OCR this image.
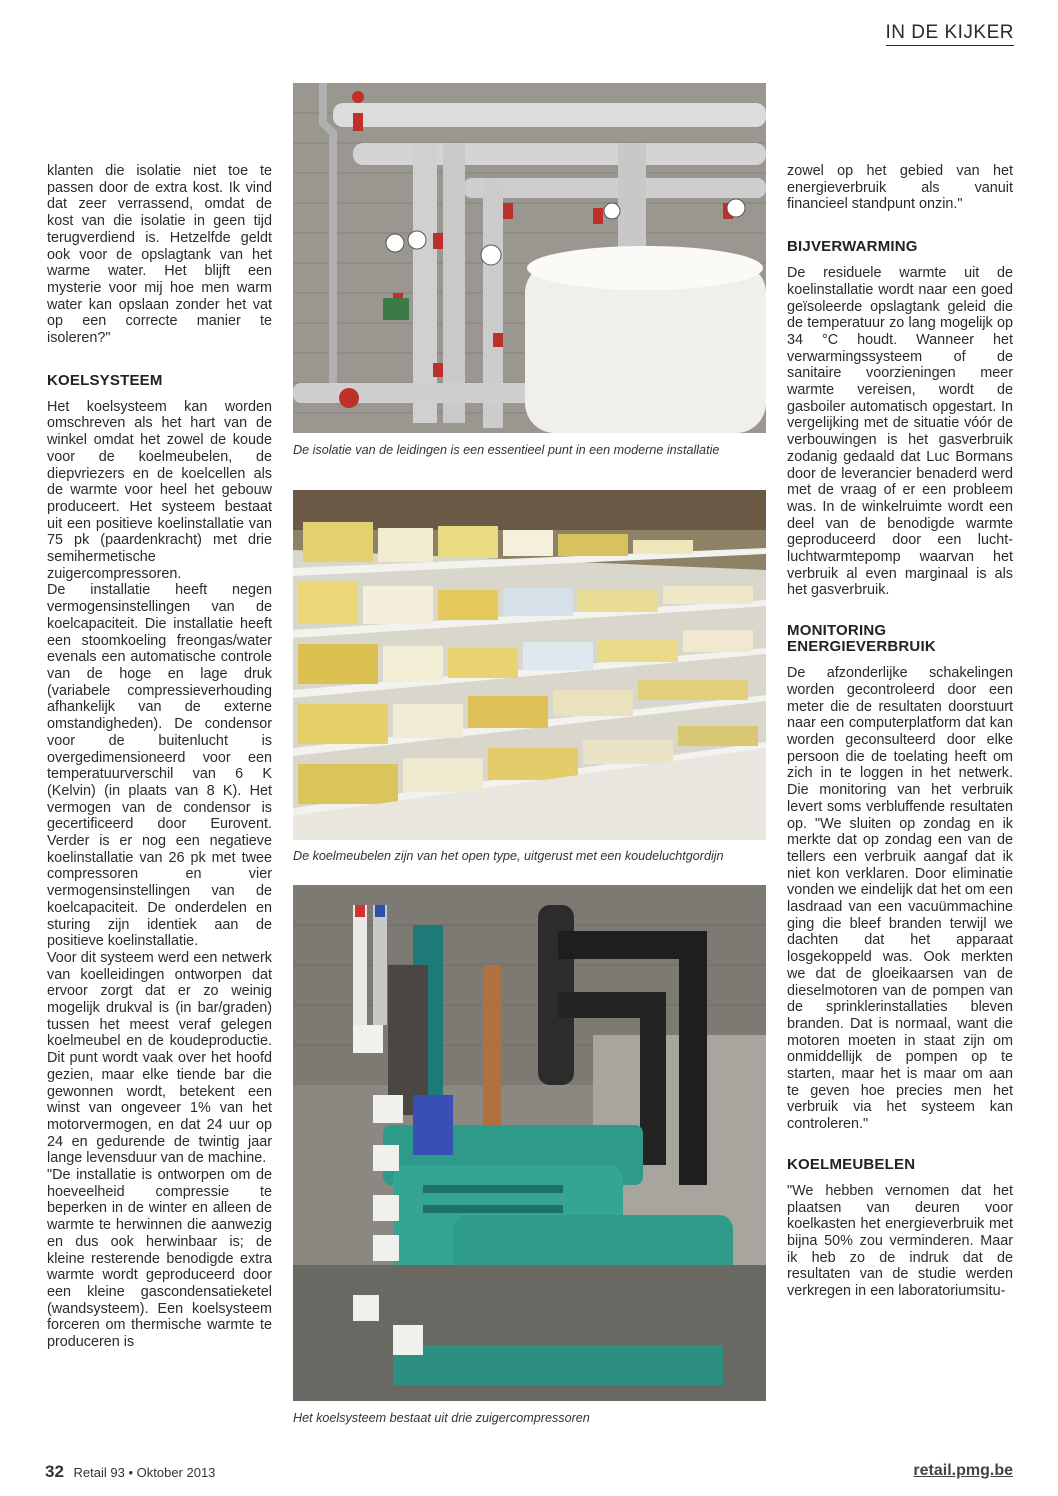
IN DE KIJKER

klanten die isolatie niet toe te passen door de extra kost. Ik vind dat zeer verrassend, omdat de kost van die isolatie in geen tijd terugverdiend is. Hetzelfde geldt ook voor de opslagtank van het warme water. Het blijft een mysterie voor mij hoe men warm water kan opslaan zonder het vat op een correcte manier te isoleren?"

KOELSYSTEEM

Het koelsysteem kan worden omschreven als het hart van de winkel omdat het zowel de koude voor de koelmeubelen, de diepvriezers en de koelcellen als de warmte voor heel het gebouw produceert. Het systeem bestaat uit een positieve koelinstallatie van 75 pk (paardenkracht) met drie semihermetische zuigercompressoren.

De installatie heeft negen vermogensinstellingen van de koelcapaciteit. Die installatie heeft een stoomkoeling freongas/water evenals een automatische controle van de hoge en lage druk (variabele compressieverhouding afhankelijk van de externe omstandigheden). De condensor voor de buitenlucht is overgedimensioneerd voor een temperatuurverschil van 6 K (Kelvin) (in plaats van 8 K). Het vermogen van de condensor is gecertificeerd door Eurovent. Verder is er nog een negatieve koelinstallatie van 26 pk met twee compressoren en vier vermogensinstellingen van de koelcapaciteit. De onderdelen en sturing zijn identiek aan de positieve koelinstallatie.

Voor dit systeem werd een netwerk van koelleidingen ontworpen dat ervoor zorgt dat er zo weinig mogelijk drukval is (in bar/graden) tussen het meest veraf gelegen koelmeubel en de koudeproductie. Dit punt wordt vaak over het hoofd gezien, maar elke tiende bar die gewonnen wordt, betekent een winst van ongeveer 1% van het motorvermogen, en dat 24 uur op 24 en gedurende de twintig jaar lange levensduur van de machine.

"De installatie is ontworpen om de hoeveelheid compressie te beperken in de winter en alleen de warmte te herwinnen die aanwezig en dus ook herwinbaar is; de kleine resterende benodigde extra warmte wordt geproduceerd door een kleine gascondensatieketel (wandsysteem). Een koelsysteem forceren om thermische warmte te produceren is

De isolatie van de leidingen is een essentieel punt in een moderne installatie
De koelmeubelen zijn van het open type, uitgerust met een koudeluchtgordijn
Het koelsysteem bestaat uit drie zuigercompressoren

zowel op het gebied van het energieverbruik als vanuit financieel standpunt onzin."

BIJVERWARMING

De residuele warmte uit de koelinstallatie wordt naar een goed geïsoleerde opslagtank geleid die de temperatuur zo lang mogelijk op 34 °C houdt. Wanneer het verwarmingssysteem of de sanitaire voorzieningen meer warmte vereisen, wordt de gasboiler automatisch opgestart. In vergelijking met de situatie vóór de verbouwingen is het gasverbruik zodanig gedaald dat Luc Bormans door de leverancier benaderd werd met de vraag of er een probleem was. In de winkelruimte wordt een deel van de benodigde warmte geproduceerd door een lucht-luchtwarmtepomp waarvan het verbruik al even marginaal is als het gasverbruik.

MONITORING
ENERGIEVERBRUIK

De afzonderlijke schakelingen worden gecontroleerd door een meter die de resultaten doorstuurt naar een computerplatform dat kan worden geconsulteerd door elke persoon die de toelating heeft om zich in te loggen in het netwerk. Die monitoring van het verbruik levert soms verbluffende resultaten op. "We sluiten op zondag en ik merkte dat op zondag een van de tellers een verbruik aangaf dat ik niet kon verklaren. Door eliminatie vonden we eindelijk dat het om een lasdraad van een vacuümmachine ging die bleef branden terwijl we dachten dat het apparaat losgekoppeld was. Ook merkten we dat de gloeikaarsen van de dieselmotoren van de pompen van de sprinklerinstallaties bleven branden. Dat is normaal, want die motoren moeten in staat zijn om onmiddellijk de pompen op te starten, maar het is maar om aan te geven hoe precies men het verbruik via het systeem kan controleren."

KOELMEUBELEN

"We hebben vernomen dat het plaatsen van deuren voor koelkasten het energieverbruik met bijna 50% zou verminderen. Maar ik heb zo de indruk dat de resultaten van de studie werden verkregen in een laboratoriumsitu-

32 Retail 93 • Oktober 2013	retail.pmg.be
